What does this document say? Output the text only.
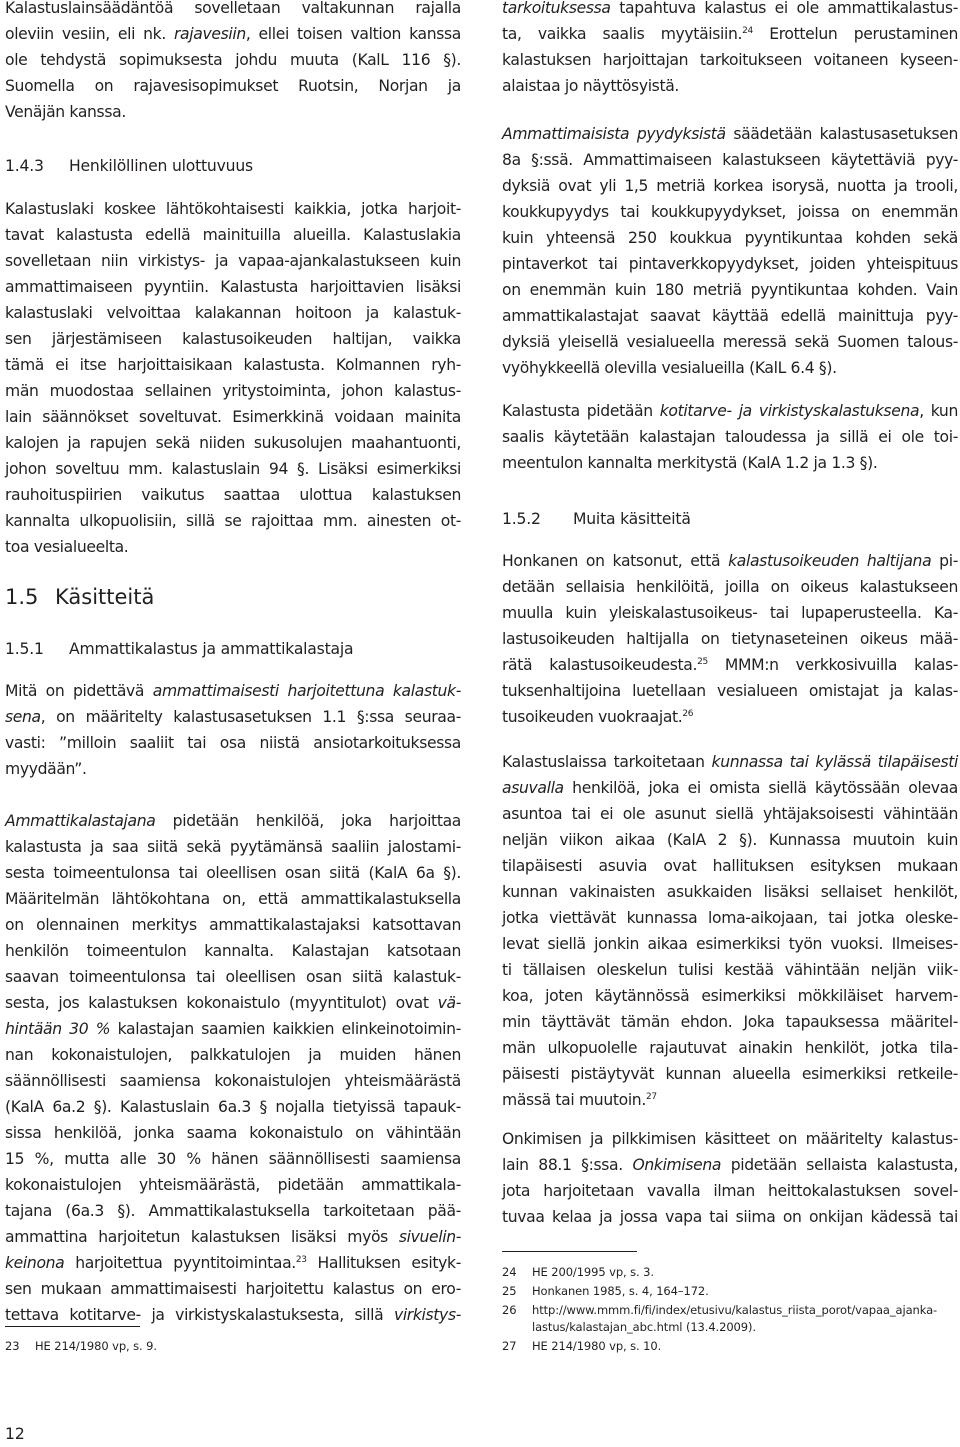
Kalastuslainsäädäntöä sovelletaan valtakunnan rajalla
oleviin vesiin, eli nk. rajavesiin, ellei toisen valtion kanssa
ole tehdystä sopimuksesta johdu muuta (KalL 116 §).
Suomella on rajavesisopimukset Ruotsin, Norjan ja
Venäjän kanssa.
1.4.3 Henkilöllinen ulottuvuus
Kalastuslaki koskee lähtökohtaisesti kaikkia, jotka harjoit-
tavat kalastusta edellä mainituilla alueilla. Kalastuslakia
sovelletaan niin virkistys- ja vapaa-ajankalastukseen kuin
ammattimaiseen pyyntiin. Kalastusta harjoittavien lisäksi
kalastuslaki velvoittaa kalakannan hoitoon ja kalastuk-
sen järjestämiseen kalastusoikeuden haltijan, vaikka
tämä ei itse harjoittaisikaan kalastusta. Kolmannen ryh-
män muodostaa sellainen yritystoiminta, johon kalastus-
lain säännökset soveltuvat. Esimerkkinä voidaan mainita
kalojen ja rapujen sekä niiden sukusolujen maahantuonti,
johon soveltuu mm. kalastuslain 94 §. Lisäksi esimerkiksi
rauhoituspiirien vaikutus saattaa ulottua kalastuksen
kannalta ulkopuolisiin, sillä se rajoittaa mm. ainesten ot-
toa vesialueelta.
1.5 Käsitteitä
1.5.1 Ammattikalastus ja ammattikalastaja
Mitä on pidettävä ammattimaisesti harjoitettuna kalastuk-
sena, on määritelty kalastusasetuksen 1.1 §:ssa seuraa-
vasti: ”milloin saaliit tai osa niistä ansiotarkoituksessa
myydään”.
Ammattikalastajana pidetään henkilöä, joka harjoittaa
kalastusta ja saa siitä sekä pyytämänsä saaliin jalostami-
sesta toimeentulonsa tai oleellisen osan siitä (KalA 6a §).
Määritelmän lähtökohtana on, että ammattikalastuksella
on olennainen merkitys ammattikalastajaksi katsottavan
henkilön toimeentulon kannalta. Kalastajan katsotaan
saavan toimeentulonsa tai oleellisen osan siitä kalastuk-
sesta, jos kalastuksen kokonaistulo (myyntitulot) ovat vä-
hintään 30 % kalastajan saamien kaikkien elinkeinotoimin-
nan kokonaistulojen, palkkatulojen ja muiden hänen
säännöllisesti saamiensa kokonaistulojen yhteismäärästä
(KalA 6a.2 §). Kalastuslain 6a.3 § nojalla tietyissä tapauk-
sissa henkilöä, jonka saama kokonaistulo on vähintään
15 %, mutta alle 30 % hänen säännöllisesti saamiensa
kokonaistulojen yhteismäärästä, pidetään ammattikala-
tajana (6a.3 §). Ammattikalastuksella tarkoitetaan pää-
ammattina harjoitetun kalastuksen lisäksi myös sivuelin-
keinona harjoitettua pyyntitoimintaa.$^{23}$ Hallituksen esityk-
sen mukaan ammattimaisesti harjoitettu kalastus on ero-
tettava kotitarve- ja virkistyskalastuksesta, sillä virkistys-
23 HE 214/1980 vp, s. 9.
tarkoituksessa tapahtuva kalastus ei ole ammattikalastus-
ta, vaikka saalis myytäisiin.$^{24}$ Erottelun perustaminen
kalastuksen harjoittajan tarkoitukseen voitaneen kyseen-
alaistaa jo näyttösyistä.
Ammattimaisista pyydyksistä säädetään kalastusasetuksen
8a §:ssä. Ammattimaiseen kalastukseen käytettäviä pyy-
dyksiä ovat yli 1,5 metriä korkea isorysä, nuotta ja trooli,
koukkupyydys tai koukkupyydykset, joissa on enemmän
kuin yhteensä 250 koukkua pyyntikuntaa kohden sekä
pintaverkot tai pintaverkkopyydykset, joiden yhteispituus
on enemmän kuin 180 metriä pyyntikuntaa kohden. Vain
ammattikalastajat saavat käyttää edellä mainittuja pyy-
dyksiä yleisellä vesialueella meressä sekä Suomen talous-
vyöhykkeellä olevilla vesialueilla (KalL 6.4 §).
Kalastusta pidetään kotitarve- ja virkistyskalastuksena, kun
saalis käytetään kalastajan taloudessa ja sillä ei ole toi-
meentulon kannalta merkitystä (KalA 1.2 ja 1.3 §).
1.5.2 Muita käsitteitä
Honkanen on katsonut, että kalastusoikeuden haltijana pi-
detään sellaisia henkilöitä, joilla on oikeus kalastukseen
muulla kuin yleiskalastusoikeus- tai lupaperusteella. Ka-
lastusoikeuden haltijalla on tietynaseteinen oikeus mää-
rätä kalastusoikeudesta.$^{25}$ MMM:n verkkosivuilla kalas-
tuksenhaltijoina luetellaan vesialueen omistajat ja kalas-
tusoikeuden vuokraajat.$^{26}$
Kalastuslaissa tarkoitetaan kunnassa tai kylässä tilapäisesti
asuvalla henkilöä, joka ei omista siellä käytössään olevaa
asuntoa tai ei ole asunut siellä yhtäjaksoisesti vähintään
neljän viikon aikaa (KalA 2 §). Kunnassa muutoin kuin
tilapäisesti asuvia ovat hallituksen esityksen mukaan
kunnan vakinaisten asukkaiden lisäksi sellaiset henkilöt,
jotka viettävät kunnassa loma-aikojaan, tai jotka oleske-
levat siellä jonkin aikaa esimerkiksi työn vuoksi. Ilmeises-
ti tällaisen oleskelun tulisi kestää vähintään neljän viik-
koa, joten käytännössä esimerkiksi mökkiläiset harvem-
min täyttävät tämän ehdon. Joka tapauksessa määritel-
män ulkopuolelle rajautuvat ainakin henkilöt, jotka tila-
päisesti pistäytyvät kunnan alueella esimerkiksi retkeile-
mässä tai muutoin.$^{27}$
Onkimisen ja pilkkimisen käsitteet on määritelty kalastus-
lain 88.1 §:ssa. Onkimisena pidetään sellaista kalastusta,
jota harjoitetaan vavalla ilman heittokalastuksen sovel-
tuvaa kelaa ja jossa vapa tai siima on onkijan kädessä tai
24 HE 200/1995 vp, s. 3.
25 Honkanen 1985, s. 4, 164–172.
26 http://www.mmm.fi/fi/index/etusivu/kalastus_riista_porot/vapaa_ajanka-
lastus/kalastajan_abc.html (13.4.2009).
27 HE 214/1980 vp, s. 10.
12
